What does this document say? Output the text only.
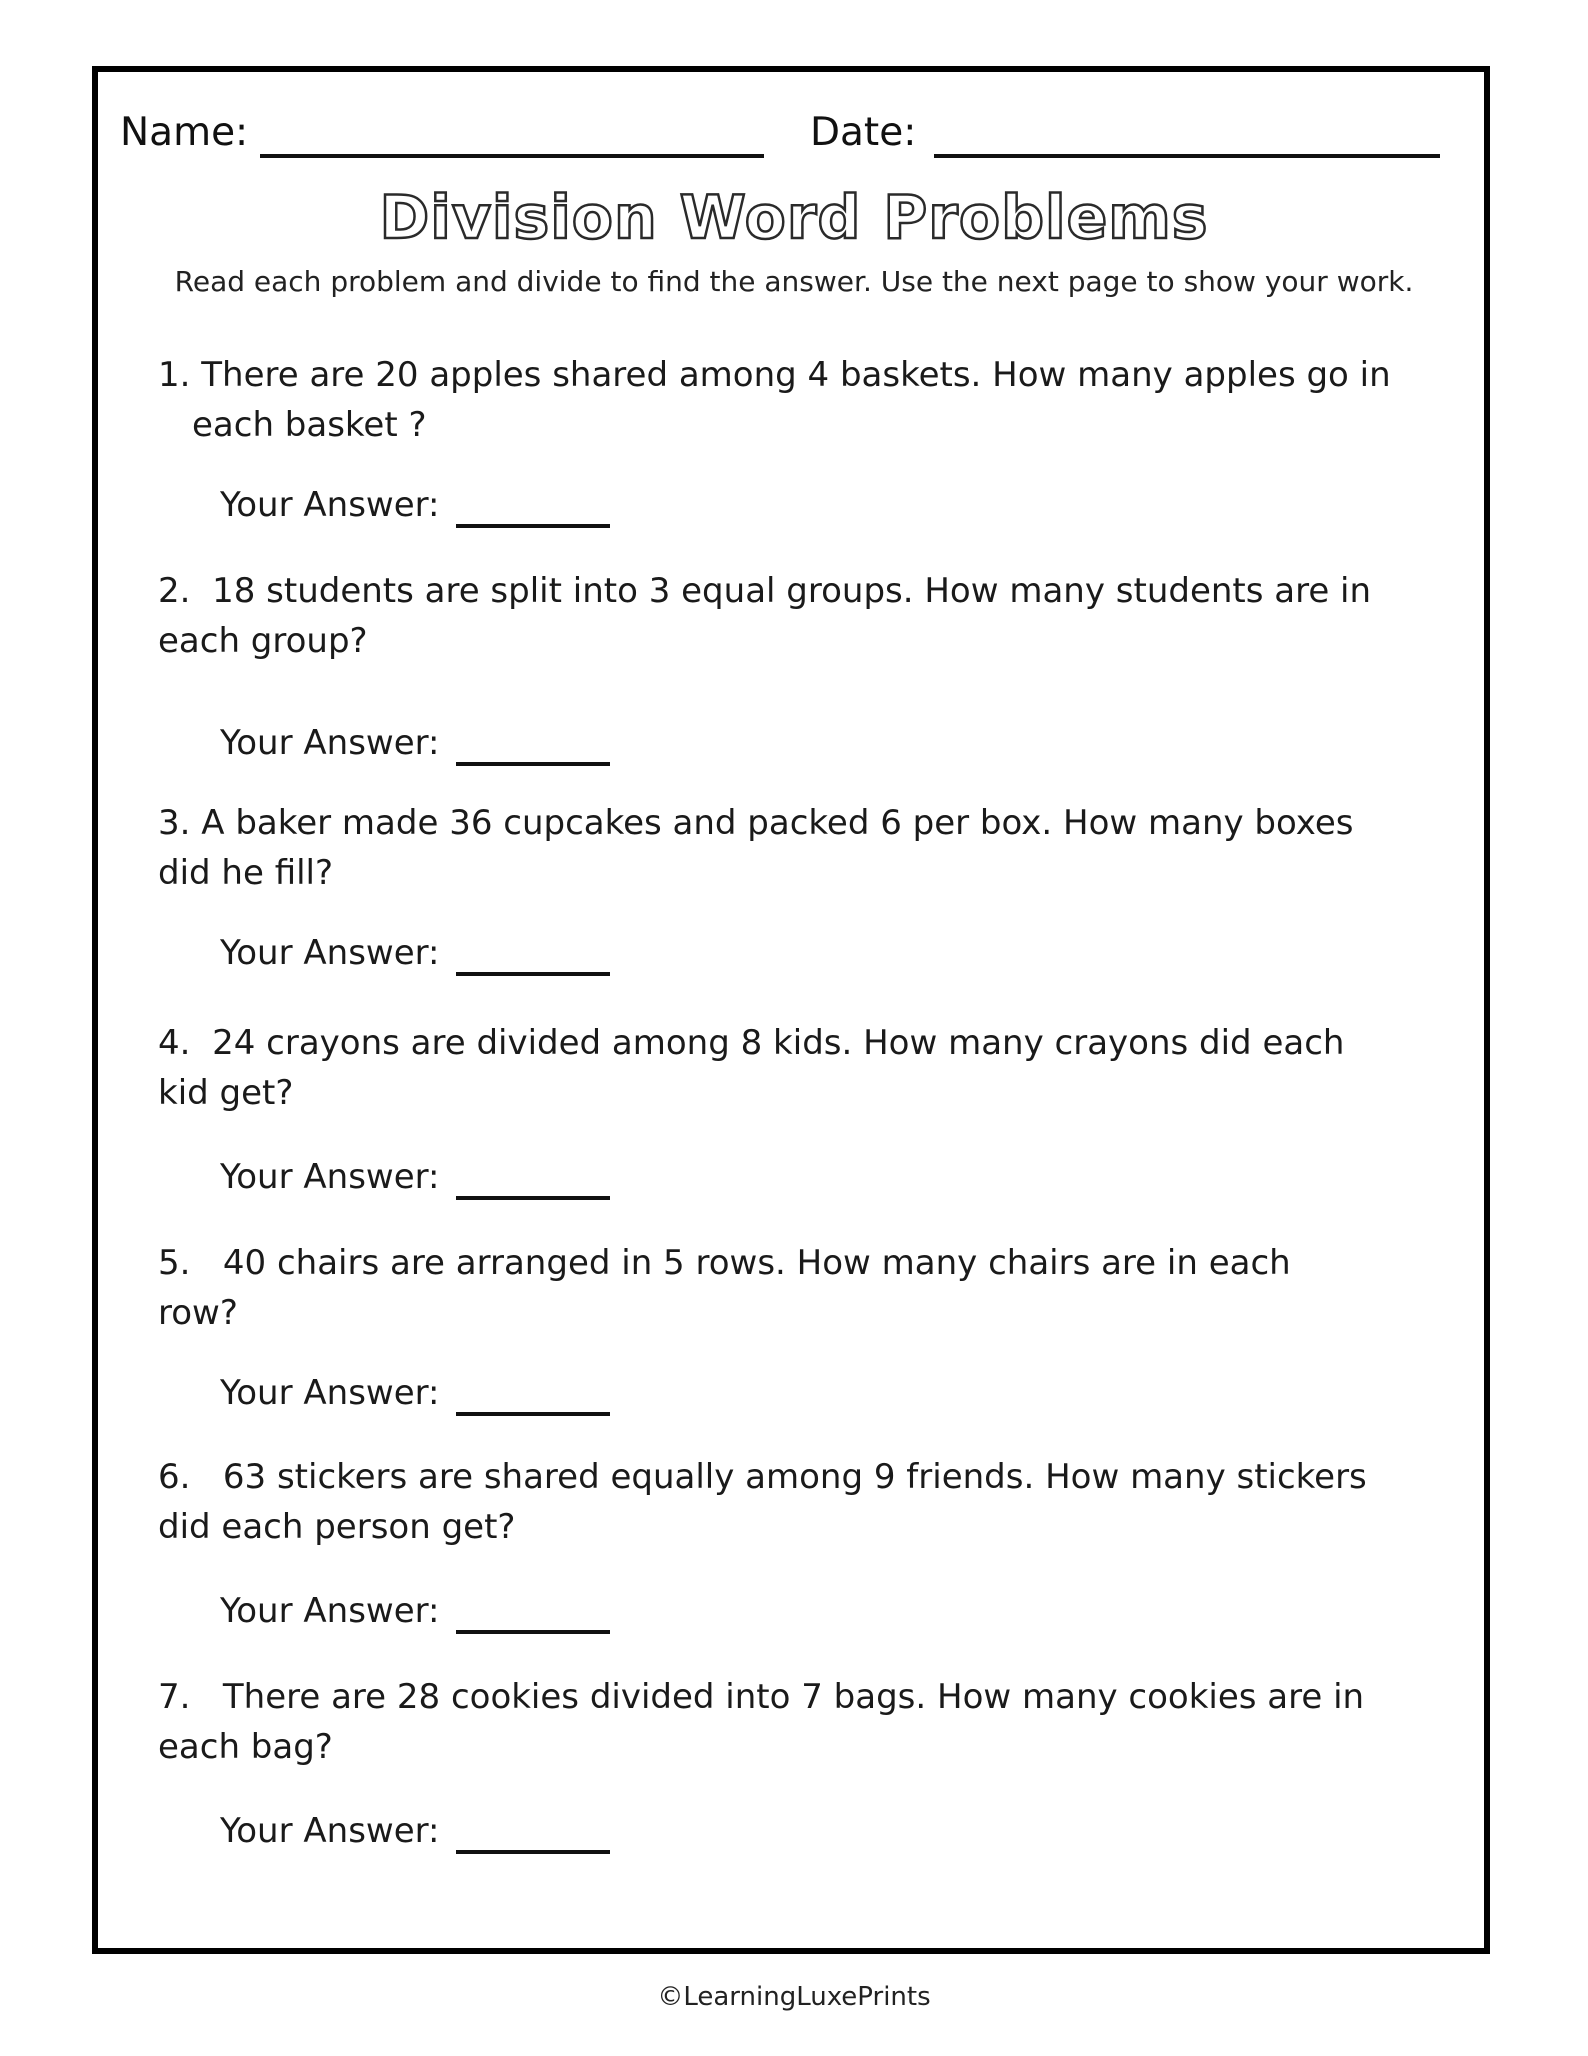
Name:	Date:
Division Word Problems
Read each problem and divide to find the answer. Use the next page to show your work.
1. There are 20 apples shared among 4 baskets. How many apples go in
each basket ?
Your Answer:
2. 18 students are split into 3 equal groups. How many students are in
each group?
Your Answer:
3. A baker made 36 cupcakes and packed 6 per box. How many boxes
did he fill?
Your Answer:
4. 24 crayons are divided among 8 kids. How many crayons did each
kid get?
Your Answer:
5. 40 chairs are arranged in 5 rows. How many chairs are in each
row?
Your Answer:
6. 63 stickers are shared equally among 9 friends. How many stickers
did each person get?
Your Answer:
7. There are 28 cookies divided into 7 bags. How many cookies are in
each bag?
Your Answer:
©LearningLuxePrints
